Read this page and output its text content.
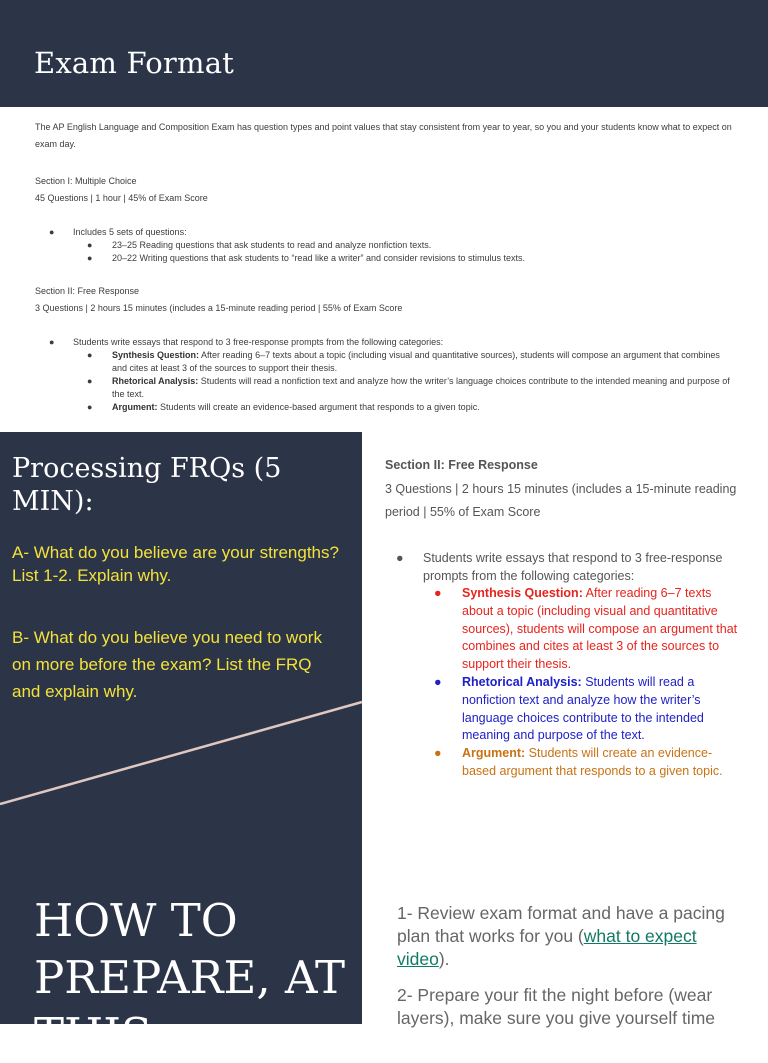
Exam Format

The AP English Language and Composition Exam has question types and point values that stay consistent from year to year, so you and your students know what to expect on exam day.

Section I: Multiple Choice

45 Questions | 1 hour | 45% of Exam Score

● Includes 5 sets of questions:
● 23–25 Reading questions that ask students to read and analyze nonfiction texts.
● 20–22 Writing questions that ask students to “read like a writer” and consider revisions to stimulus texts.

Section II: Free Response

3 Questions | 2 hours 15 minutes (includes a 15-minute reading period | 55% of Exam Score

● Students write essays that respond to 3 free-response prompts from the following categories:
● Synthesis Question: After reading 6–7 texts about a topic (including visual and quantitative sources), students will compose an argument that combines and cites at least 3 of the sources to support their thesis.
● Rhetorical Analysis: Students will read a nonfiction text and analyze how the writer’s language choices contribute to the intended meaning and purpose of the text.
● Argument: Students will create an evidence-based argument that responds to a given topic.
Processing FRQs (5 MIN):

A- What do you believe are your strengths? List 1-2. Explain why.

B- What do you believe you need to work on more before the exam? List the FRQ and explain why.

Section II: Free Response

3 Questions | 2 hours 15 minutes (includes a 15-minute reading period | 55% of Exam Score

● Students write essays that respond to 3 free-response prompts from the following categories:
● Synthesis Question: After reading 6–7 texts about a topic (including visual and quantitative sources), students will compose an argument that combines and cites at least 3 of the sources to support their thesis.
● Rhetorical Analysis: Students will read a nonfiction text and analyze how the writer’s language choices contribute to the intended meaning and purpose of the text.
● Argument: Students will create an evidence-based argument that responds to a given topic.
HOW TO PREPARE, AT THIS

1- Review exam format and have a pacing plan that works for you (what to expect video).

2- Prepare your fit the night before (wear layers), make sure you give yourself time
